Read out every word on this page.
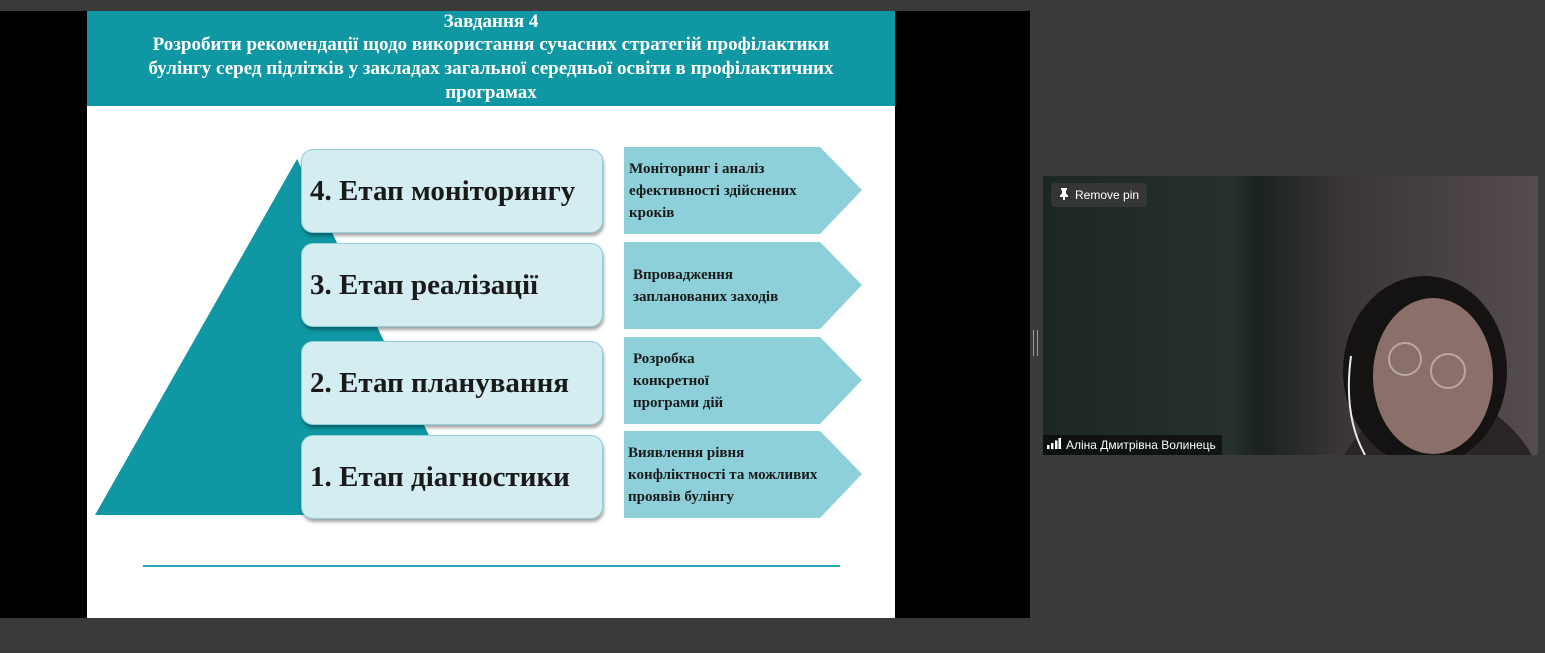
Завдання 4
Розробити рекомендації щодо використання сучасних стратегій профілактики булінгу серед підлітків у закладах загальної середньої освіти в профілактичних програмах
4. Етап моніторингу
3. Етап реалізації
2. Етап планування
1. Етап діагностики
Моніторинг і аналіз
ефективності здійснених
кроків
Впровадження
запланованих заходів
Розробка
конкретної
програми дій
Виявлення рівня
конфліктності та можливих
проявів булінгу
Remove pin
Аліна Дмитрівна Волинець
